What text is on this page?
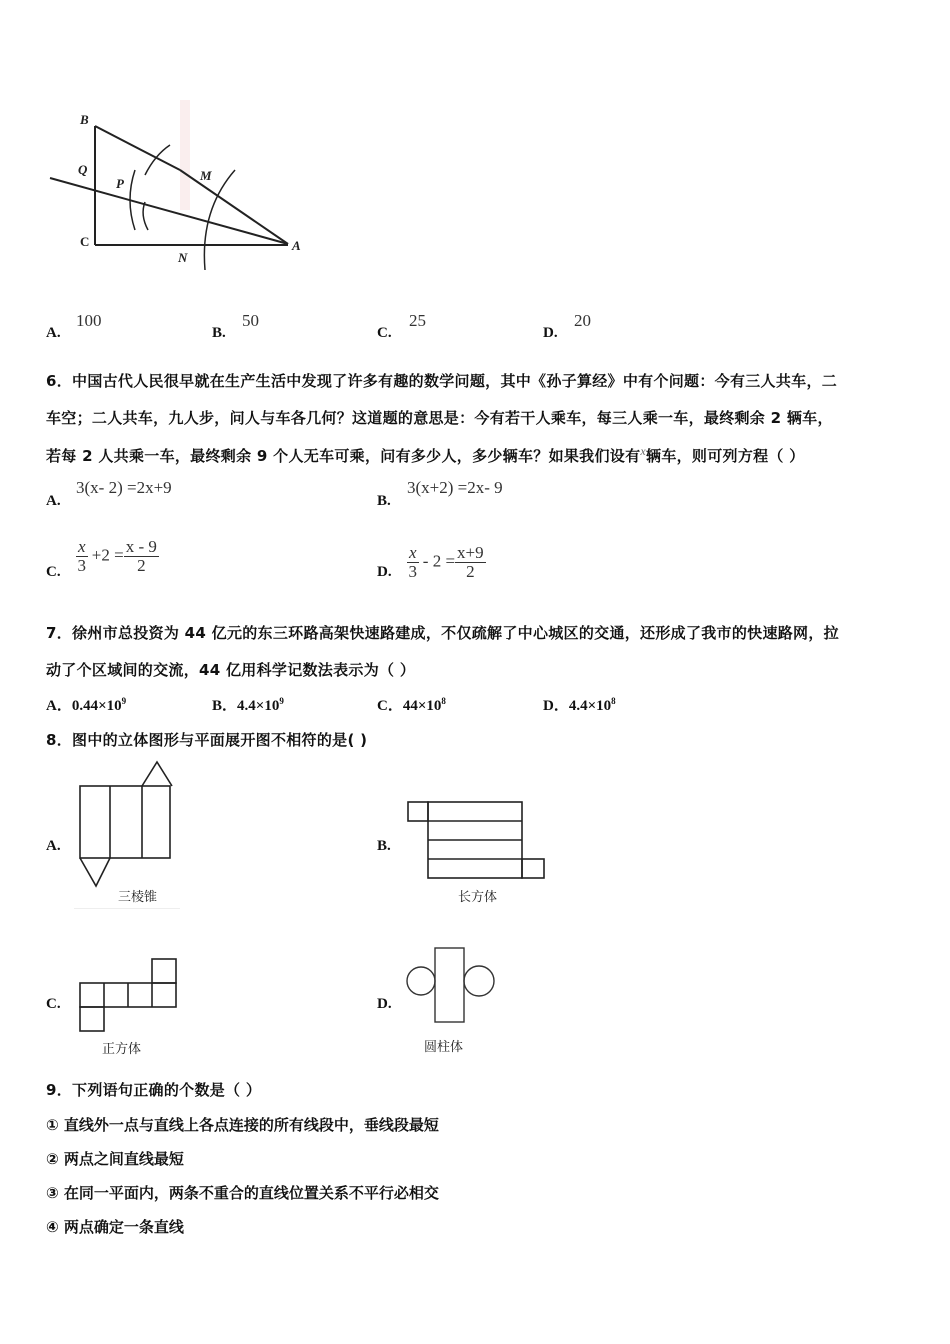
B
Q
P
M
C
N
A
A.
100
B.
50
C.
25
D.
20
6．中国古代人民很早就在生产生活中发现了许多有趣的数学问题，其中《孙子算经》中有个问题：今有三人共车，二
车空；二人共车，九人步，问人与车各几何？这道题的意思是：今有若干人乘车，每三人乘一车，最终剩余 2 辆车，
若每 2 人共乘一车，最终剩余 9 个人无车可乘，问有多少人，多少辆车？如果我们设有$^x$辆车，则可列方程（ ）
A.
3(x- 2) =2x+9
B.
3(x+2) =2x- 9
C. $\frac{x}{3} +2 = \frac{x - 9}{2}$	D. $\frac{x}{3} - 2 = \frac{x+9}{2}$
7．徐州市总投资为 44 亿元的东三环路高架快速路建成，不仅疏解了中心城区的交通，还形成了我市的快速路网，拉
动了个区域间的交流，44 亿用科学记数法表示为（ ）
A．$0.44\times 10^9$	B．$4.4\times 10^9$	C．$44\times 10^8$	D．$4.4\times 10^8$
8．图中的立体图形与平面展开图不相符的是( )
A.
三棱锥
B.
长方体
C.
正方体
D.
圆柱体
9．下列语句正确的个数是（ ）
① 直线外一点与直线上各点连接的所有线段中，垂线段最短
② 两点之间直线最短
③ 在同一平面内，两条不重合的直线位置关系不平行必相交
④ 两点确定一条直线
